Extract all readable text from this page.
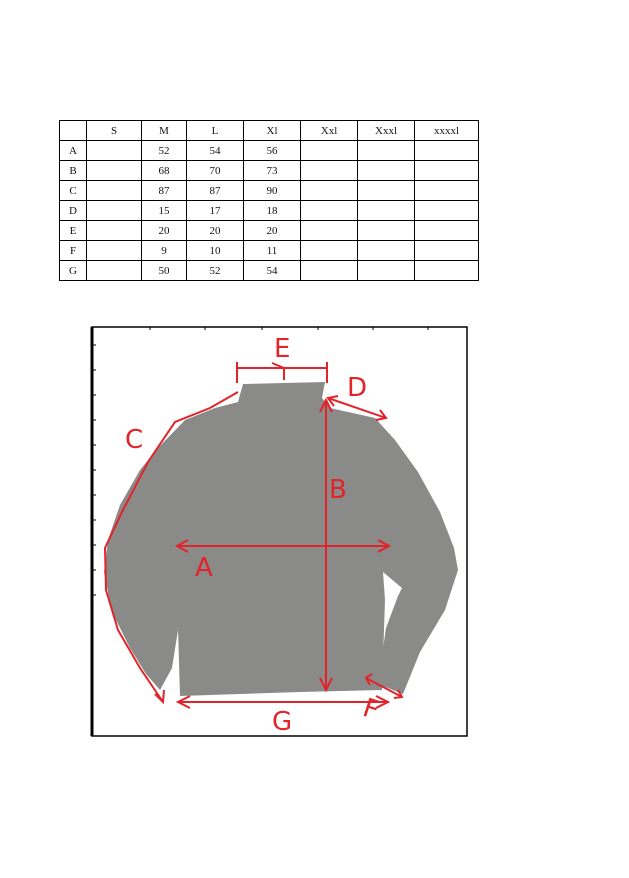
	S	M	L	Xl	Xxl	Xxxl	xxxxl
A		52	54	56			
B		68	70	73			
C		87	87	90			
D		15	17	18			
E		20	20	20			
F		9	10	11			
G		50	52	54			
E
D
C
B
A
G	F
